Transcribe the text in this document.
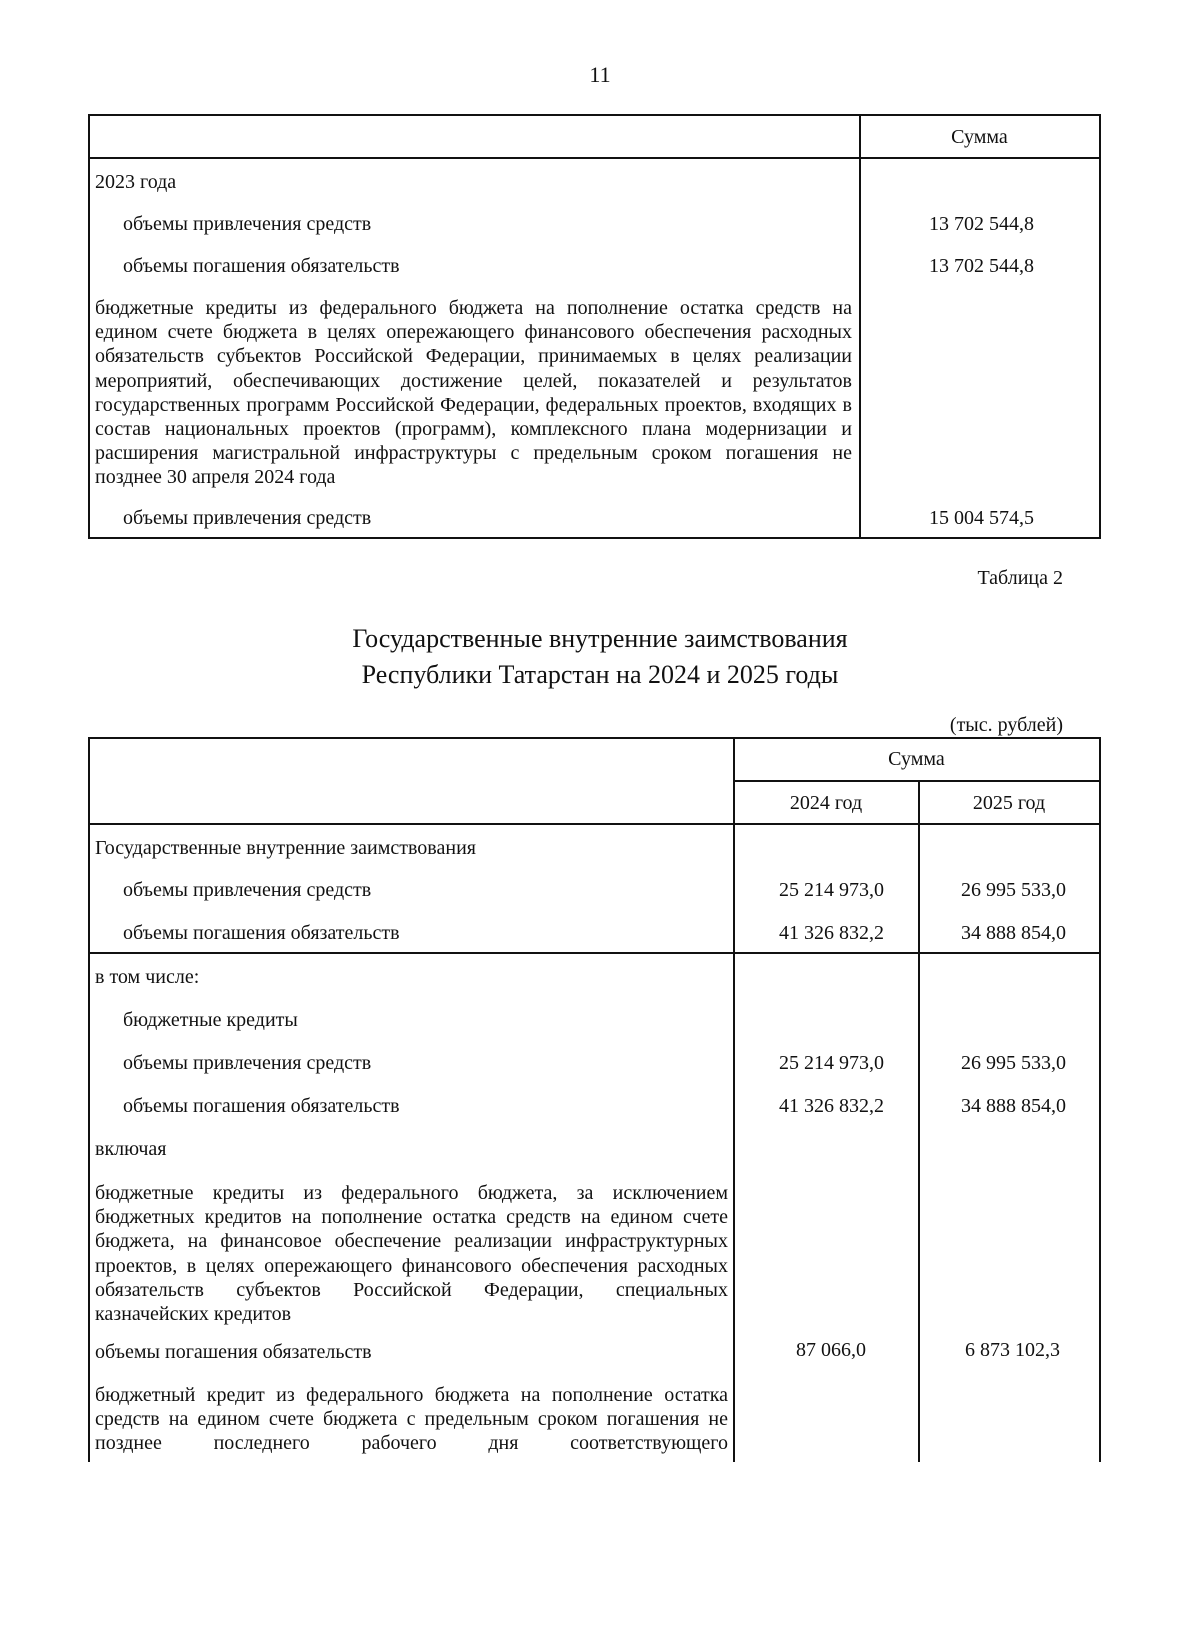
11
Сумма
2023 года
объемы привлечения средств	13 702 544,8
объемы погашения обязательств	13 702 544,8
бюджетные кредиты из федерального бюджета на пополнение остатка средств на едином счете бюджета в целях опережающего финансового обеспечения расходных обязательств субъектов Российской Федерации, принимаемых в целях реализации мероприятий, обеспечивающих достижение целей, показателей и результатов государственных программ Российской Федерации, федеральных проектов, входящих в состав национальных проектов (программ), комплексного плана модернизации и расширения магистральной инфраструктуры с предельным сроком погашения не позднее 30 апреля 2024 года
объемы привлечения средств	15 004 574,5
Таблица 2
Государственные внутренние заимствования
Республики Татарстан на 2024 и 2025 годы
(тыс. рублей)
Сумма
2024 год	2025 год
Государственные внутренние заимствования
объемы привлечения средств	25 214 973,0	26 995 533,0
объемы погашения обязательств	41 326 832,2	34 888 854,0
в том числе:
бюджетные кредиты
объемы привлечения средств	25 214 973,0	26 995 533,0
объемы погашения обязательств	41 326 832,2	34 888 854,0
включая
бюджетные кредиты из федерального бюджета, за исключением бюджетных кредитов на пополнение остатка средств на едином счете бюджета, на финансовое обеспечение реализации инфраструктурных проектов, в целях опережающего финансового обеспечения расходных обязательств субъектов Российской Федерации, специальных казначейских кредитов
объемы погашения обязательств	87 066,0	6 873 102,3
бюджетный кредит из федерального бюджета на пополнение остатка средств на едином счете бюджета с предельным сроком погашения не позднее последнего рабочего дня соответствующего
